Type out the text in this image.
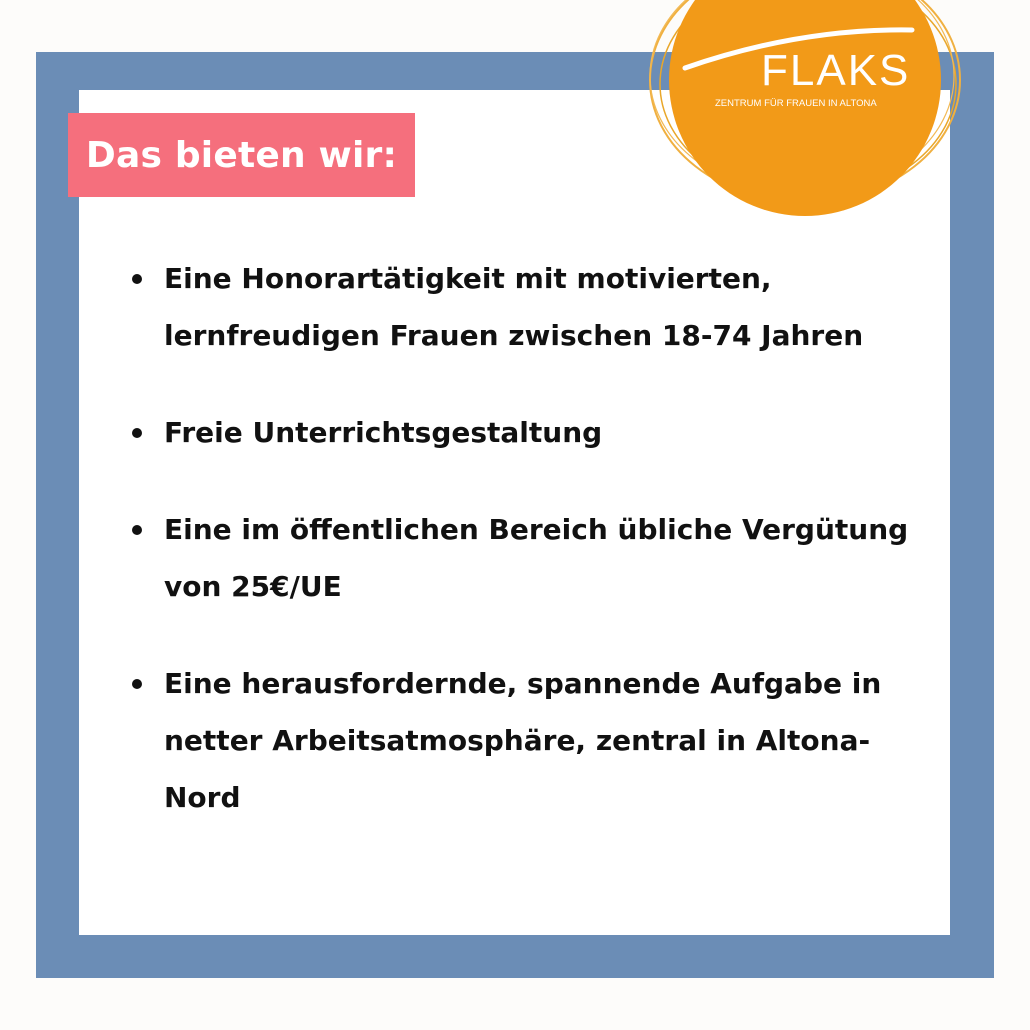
Das bieten wir:
FLAKS
ZENTRUM FÜR FRAUEN IN ALTONA
Eine Honorartätigkeit mit motivierten, lernfreudigen Frauen zwischen 18-74 Jahren
Freie Unterrichtsgestaltung
Eine im öffentlichen Bereich übliche Vergütung von 25€/UE
Eine herausfordernde, spannende Aufgabe in netter Arbeitsatmosphäre, zentral in Altona-Nord
